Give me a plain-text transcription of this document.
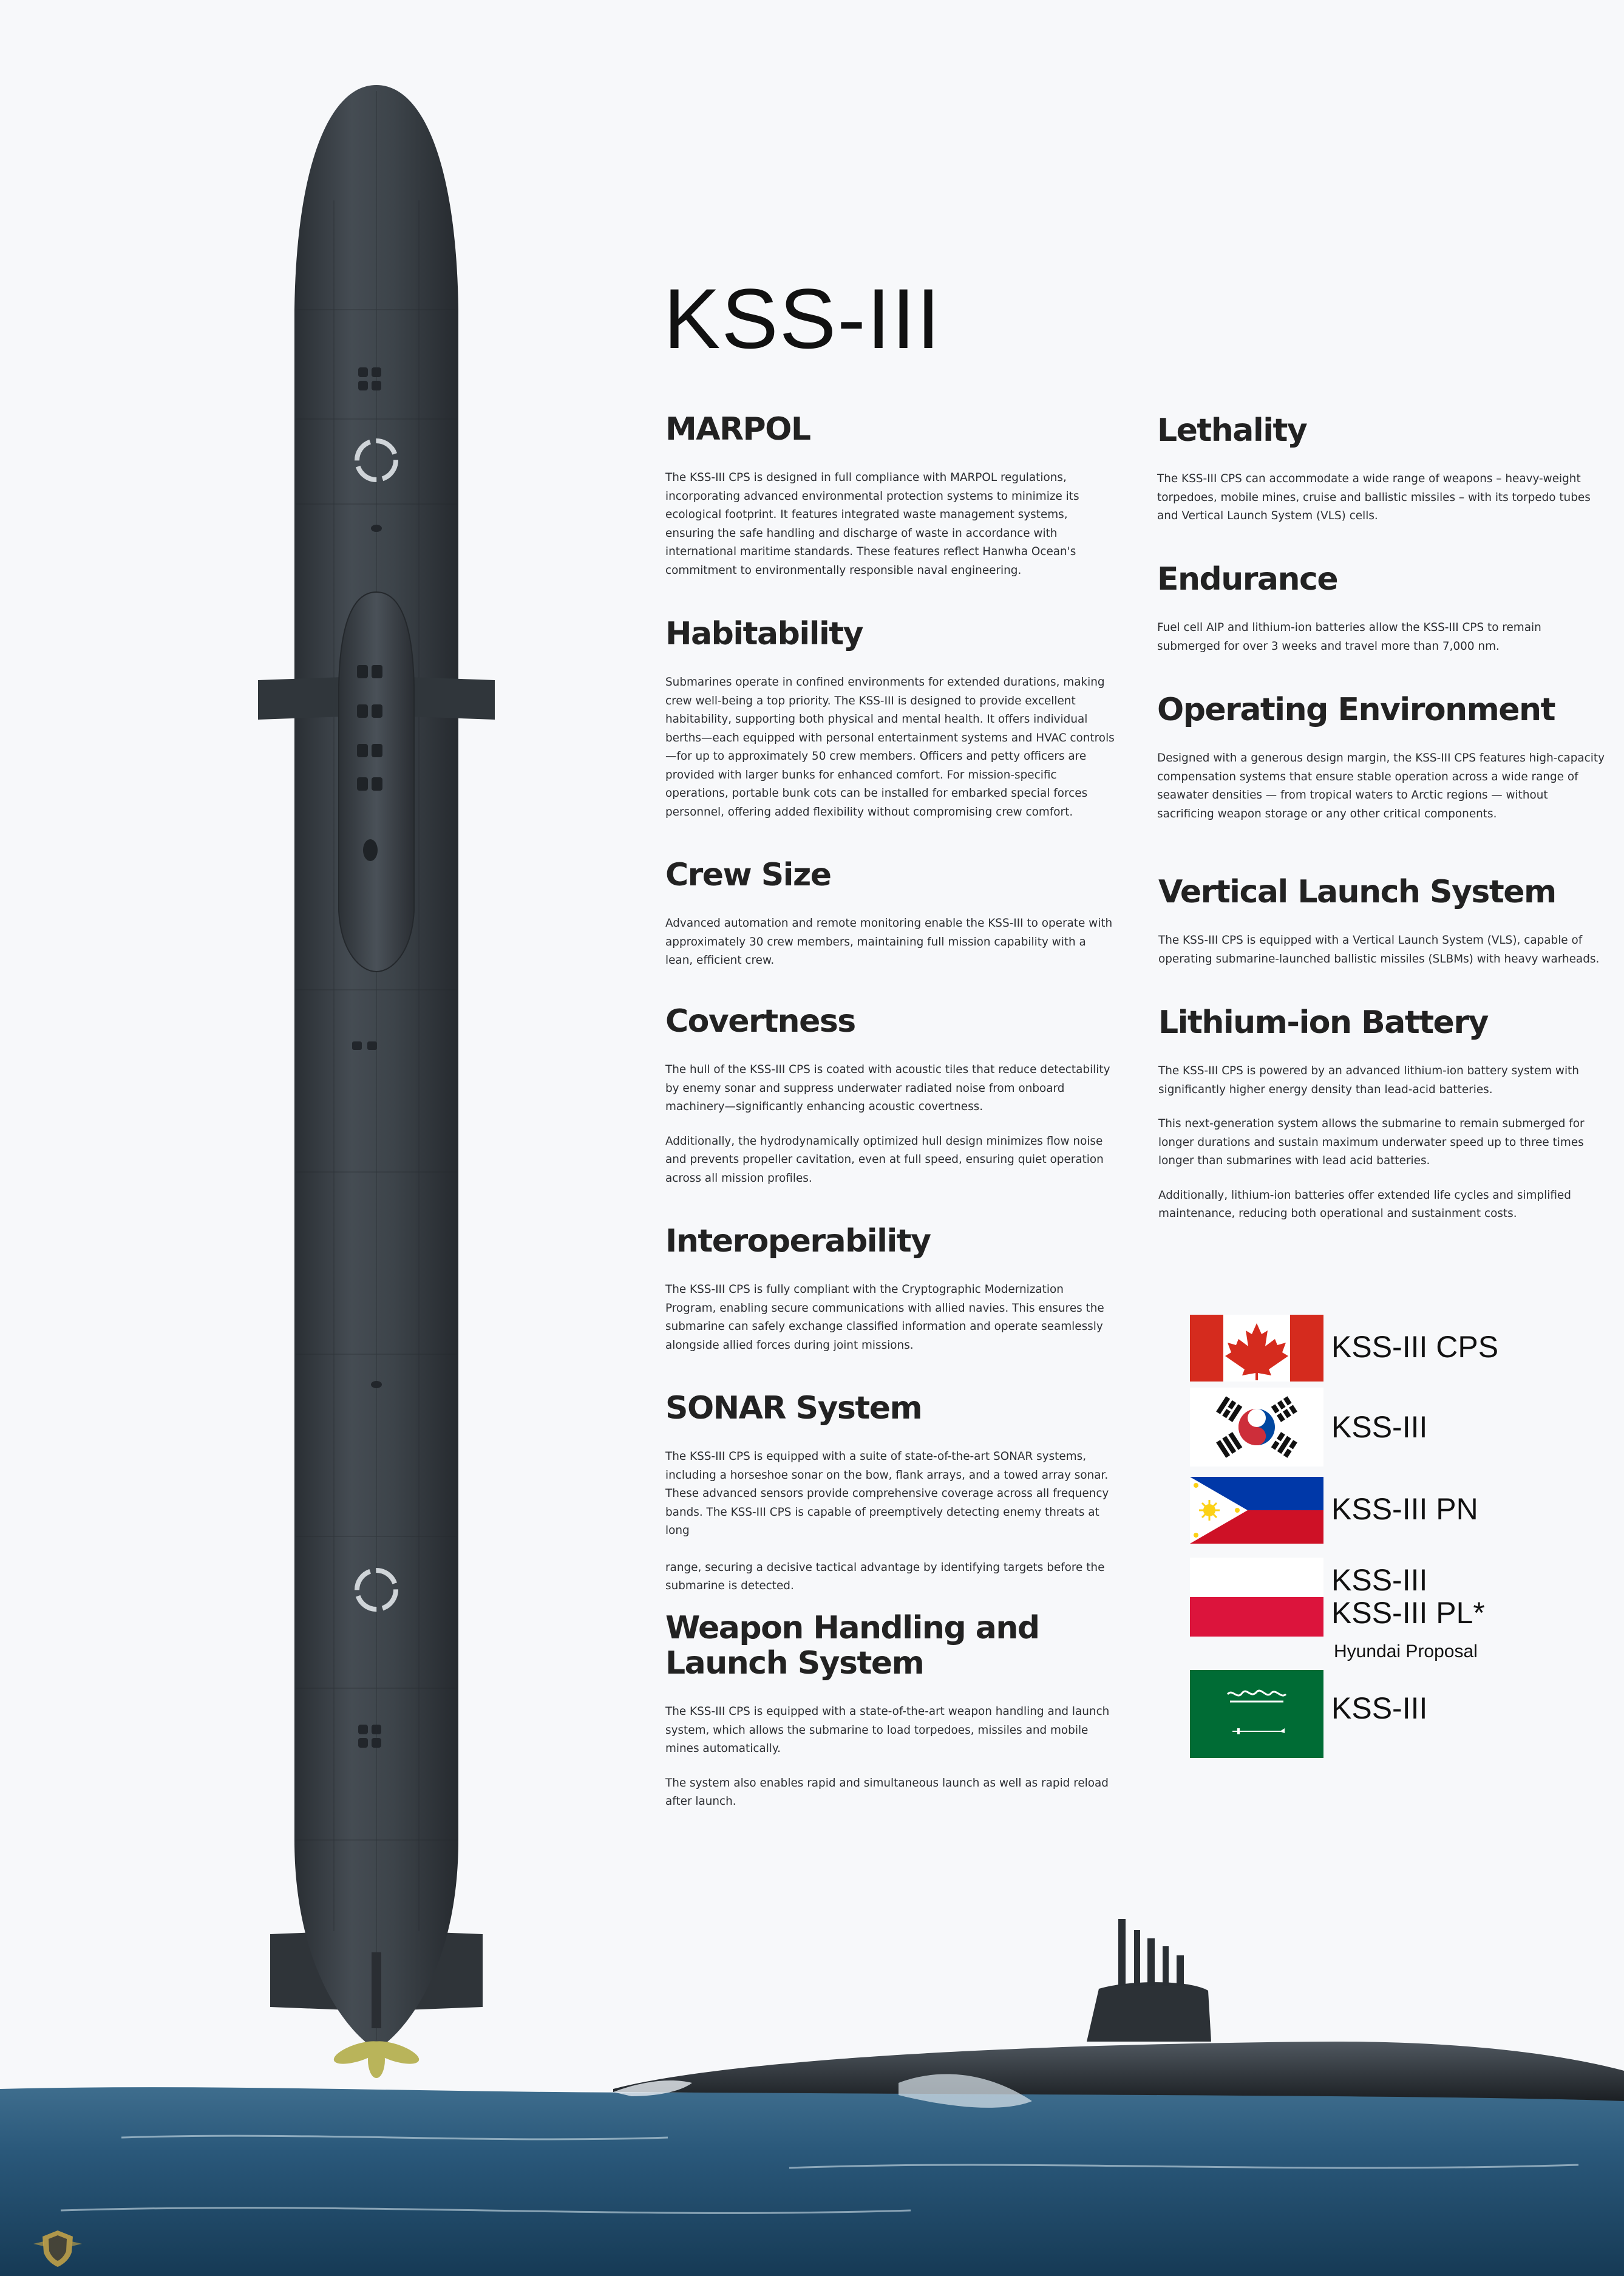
KSS-III
MARPOL

The KSS-III CPS is designed in full compliance with MARPOL regulations, incorporating advanced environmental protection systems to minimize its ecological footprint. It features integrated waste management systems, ensuring the safe handling and discharge of waste in accordance with international maritime standards. These features reflect Hanwha Ocean's commitment to environmentally responsible naval engineering.

Habitability

Submarines operate in confined environments for extended durations, making crew well-being a top priority. The KSS-III is designed to provide excellent habitability, supporting both physical and mental health. It offers individual berths—each equipped with personal entertainment systems and HVAC controls—for up to approximately 50 crew members. Officers and petty officers are provided with larger bunks for enhanced comfort. For mission-specific operations, portable bunk cots can be installed for embarked special forces personnel, offering added flexibility without compromising crew comfort.

Crew Size

Advanced automation and remote monitoring enable the KSS-III to operate with approximately 30 crew members, maintaining full mission capability with a lean, efficient crew.

Covertness

The hull of the KSS-III CPS is coated with acoustic tiles that reduce detectability by enemy sonar and suppress underwater radiated noise from onboard machinery—significantly enhancing acoustic covertness.

Additionally, the hydrodynamically optimized hull design minimizes flow noise and prevents propeller cavitation, even at full speed, ensuring quiet operation across all mission profiles.

Interoperability

The KSS-III CPS is fully compliant with the Cryptographic Modernization Program, enabling secure communications with allied navies. This ensures the submarine can safely exchange classified information and operate seamlessly alongside allied forces during joint missions.

SONAR System

The KSS-III CPS is equipped with a suite of state-of-the-art SONAR systems, including a horseshoe sonar on the bow, flank arrays, and a towed array sonar. These advanced sensors provide comprehensive coverage across all frequency bands. The KSS-III CPS is capable of preemptively detecting enemy threats at long

range, securing a decisive tactical advantage by identifying targets before the submarine is detected.

Weapon Handling and Launch System

The KSS-III CPS is equipped with a state-of-the-art weapon handling and launch system, which allows the submarine to load torpedoes, missiles and mobile mines automatically.

The system also enables rapid and simultaneous launch as well as rapid reload after launch.

Lethality

The KSS-III CPS can accommodate a wide range of weapons – heavy-weight torpedoes, mobile mines, cruise and ballistic missiles – with its torpedo tubes and Vertical Launch System (VLS) cells.

Endurance

Fuel cell AIP and lithium-ion batteries allow the KSS-III CPS to remain submerged for over 3 weeks and travel more than 7,000 nm.

Operating Environment

Designed with a generous design margin, the KSS-III CPS features high-capacity compensation systems that ensure stable operation across a wide range of seawater densities — from tropical waters to Arctic regions — without sacrificing weapon storage or any other critical components.

Vertical Launch System

The KSS-III CPS is equipped with a Vertical Launch System (VLS), capable of operating submarine-launched ballistic missiles (SLBMs) with heavy warheads.

Lithium-ion Battery

The KSS-III CPS is powered by an advanced lithium-ion battery system with significantly higher energy density than lead-acid batteries.

This next-generation system allows the submarine to remain submerged for longer durations and sustain maximum underwater speed up to three times longer than submarines with lead acid batteries.

Additionally, lithium-ion batteries offer extended life cycles and simplified maintenance, reducing both operational and sustainment costs.

KSS-III CPS
KSS-III
KSS-III PN
KSS-III
KSS-III PL*
Hyundai Proposal
KSS-III
